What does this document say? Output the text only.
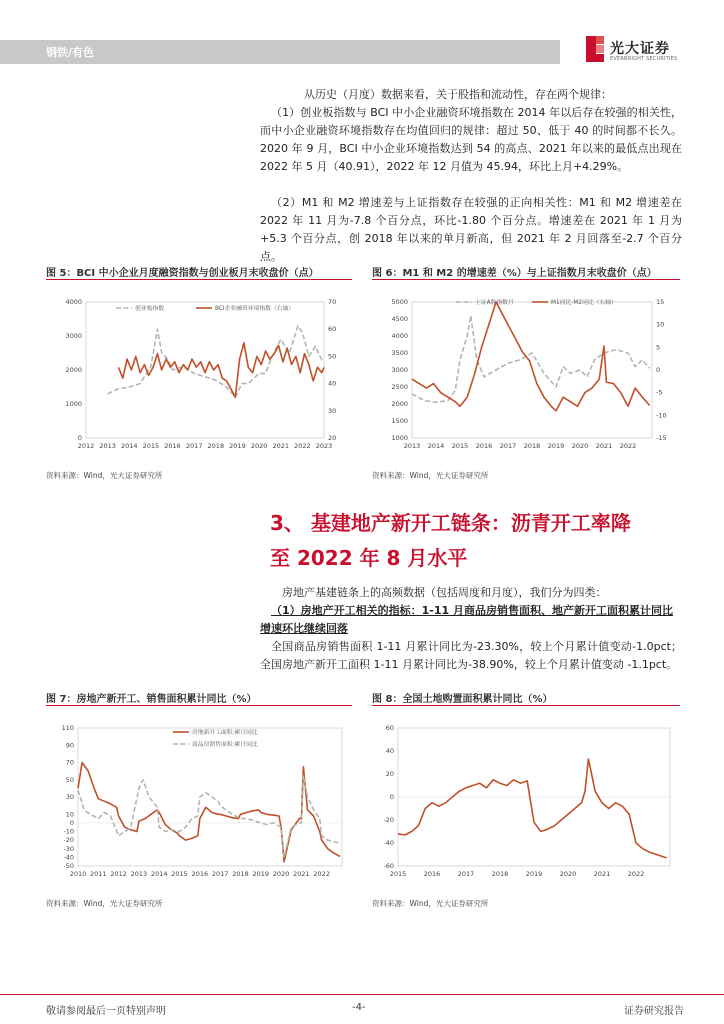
钢铁/有色	光大证券
EVERBRIGHT SECURITIES

从历史（月度）数据来看，关于股指和流动性，存在两个规律：

（1）创业板指数与 BCI 中小企业融资环境指数在 2014 年以后存在较强的相关性，而中小企业融资环境指数存在均值回归的规律：超过 50、低于 40 的时间都不长久。2020 年 9 月，BCI 中小企业环境指数达到 54 的高点、2021 年以来的最低点出现在 2022 年 5 月（40.91），2022 年 12 月值为 45.94，环比上月+4.29%。

（2）M1 和 M2 增速差与上证指数存在较强的正向相关性：M1 和 M2 增速差在 2022 年 11 月为-7.8 个百分点，环比-1.80 个百分点。增速差在 2021 年 1 月为+5.3 个百分点，创 2018 年以来的单月新高，但 2021 年 2 月回落至-2.7 个百分点。

图 5：BCI 中小企业月度融资指数与创业板月末收盘价（点）	图 6：M1 和 M2 的增速差（%）与上证指数月末收盘价（点）
0
1000
2000
3000
4000
20
30
40
50
60
70
2012 2013 2014 2015 2016 2017 2018 2019 2020 2021 2022 2023
创业板指数	BCI企业融资环境指数（右轴）
1000
1500
2000
2500
3000
3500
4000
4500
5000
-15
-10
-5
0
5
10
15
2013 2014 2015 2016 2017 2018 2019 2020 2021 2022
上证A股指数月	M1同比-M2同比（右轴）
资料来源：Wind，光大证券研究所	资料来源：Wind，光大证券研究所
3、 基建地产新开工链条：沥青开工率降
至 2022 年 8 月水平

房地产基建链条上的高频数据（包括周度和月度），我们分为四类：

（1）房地产开工相关的指标：1-11 月商品房销售面积、地产新开工面积累计同比增速环比继续回落

全国商品房销售面积 1-11 月累计同比为-23.30%，较上个月累计值变动-1.0pct；全国房地产新开工面积 1-11 月累计同比为-38.90%，较上个月累计值变动 -1.1pct。

图 7：房地产新开工、销售面积累计同比（%）	图 8：全国土地购置面积累计同比（%）
-50
-40
-30
-20
-10
0
10
30
50
70
90
110
2010 2011 2012 2013 2014 2015 2016 2017 2018 2019 2020 2021 2022
房地新开工面积:累计同比
商品房销售面积:累计同比
-60
-40
-20
0
20
40
60
2015	2016	2017	2018	2019	2020	2021	2022
资料来源：Wind，光大证券研究所	资料来源：Wind，光大证券研究所
敬请参阅最后一页特别声明	-4-	证券研究报告
